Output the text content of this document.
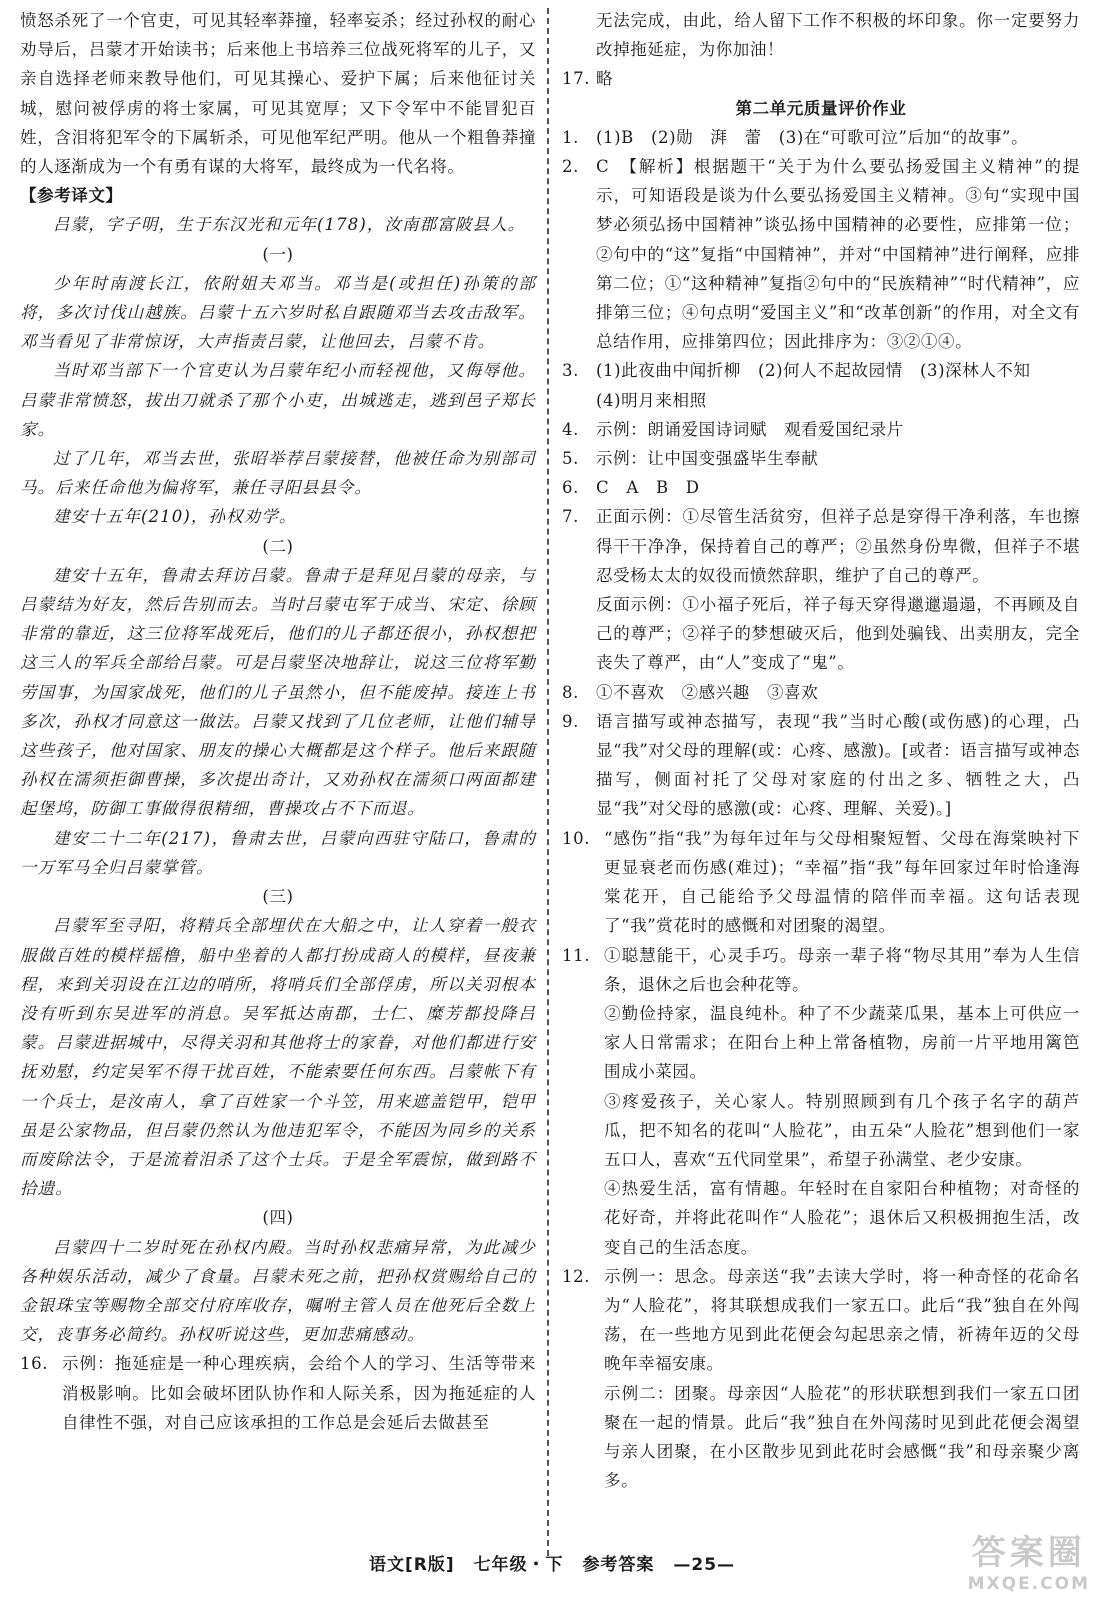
愤怒杀死了一个官吏，可见其轻率莽撞，轻率妄杀；经过孙权的耐心劝导后，吕蒙才开始读书；后来他上书培养三位战死将军的儿子，又亲自选择老师来教导他们，可见其操心、爱护下属；后来他征讨关城，慰问被俘虏的将士家属，可见其宽厚；又下令军中不能冒犯百姓，含泪将犯军令的下属斩杀，可见他军纪严明。他从一个粗鲁莽撞的人逐渐成为一个有勇有谋的大将军，最终成为一代名将。

【参考译文】

吕蒙，字子明，生于东汉光和元年(178)，汝南郡富陂县人。

(一)

少年时南渡长江，依附姐夫邓当。邓当是(或担任)孙策的部将，多次讨伐山越族。吕蒙十五六岁时私自跟随邓当去攻击敌军。邓当看见了非常惊讶，大声指责吕蒙，让他回去，吕蒙不肯。

当时邓当部下一个官吏认为吕蒙年纪小而轻视他，又侮辱他。吕蒙非常愤怒，拔出刀就杀了那个小吏，出城逃走，逃到邑子郑长家。

过了几年，邓当去世，张昭举荐吕蒙接替，他被任命为别部司马。后来任命他为偏将军，兼任寻阳县县令。

建安十五年(210)，孙权劝学。

(二)

建安十五年，鲁肃去拜访吕蒙。鲁肃于是拜见吕蒙的母亲，与吕蒙结为好友，然后告别而去。当时吕蒙屯军于成当、宋定、徐顾非常的靠近，这三位将军战死后，他们的儿子都还很小，孙权想把这三人的军兵全部给吕蒙。可是吕蒙坚决地辞让，说这三位将军勤劳国事，为国家战死，他们的儿子虽然小，但不能废掉。接连上书多次，孙权才同意这一做法。吕蒙又找到了几位老师，让他们辅导这些孩子，他对国家、朋友的操心大概都是这个样子。他后来跟随孙权在濡须拒御曹操，多次提出奇计，又劝孙权在濡须口两面都建起堡坞，防御工事做得很精细，曹操攻占不下而退。

建安二十二年(217)，鲁肃去世，吕蒙向西驻守陆口，鲁肃的一万军马全归吕蒙掌管。

(三)

吕蒙军至寻阳，将精兵全部埋伏在大船之中，让人穿着一般衣服做百姓的模样摇橹，船中坐着的人都打扮成商人的模样，昼夜兼程，来到关羽设在江边的哨所，将哨兵们全部俘虏，所以关羽根本没有听到东吴进军的消息。吴军抵达南郡，士仁、糜芳都投降吕蒙。吕蒙进据城中，尽得关羽和其他将士的家眷，对他们都进行安抚劝慰，约定吴军不得干扰百姓，不能索要任何东西。吕蒙帐下有一个兵士，是汝南人，拿了百姓家一个斗笠，用来遮盖铠甲，铠甲虽是公家物品，但吕蒙仍然认为他违犯军令，不能因为同乡的关系而废除法令，于是流着泪杀了这个士兵。于是全军震惊，做到路不拾遗。

(四)

吕蒙四十二岁时死在孙权内殿。当时孙权悲痛异常，为此减少各种娱乐活动，减少了食量。吕蒙未死之前，把孙权赏赐给自己的金银珠宝等赐物全部交付府库收存，嘱咐主管人员在他死后全数上交，丧事务必简约。孙权听说这些，更加悲痛感动。

16. 示例：拖延症是一种心理疾病，会给个人的学习、生活等带来消极影响。比如会破坏团队协作和人际关系，因为拖延症的人自律性不强，对自己应该承担的工作总是会延后去做甚至

无法完成，由此，给人留下工作不积极的坏印象。你一定要努力改掉拖延症，为你加油！

17. 略

第二单元质量评价作业

1.	(1)B　(2)勋　湃　蕾　(3)在“可歌可泣”后加“的故事”。

2.	C　【解析】根据题干“关于为什么要弘扬爱国主义精神”的提示，可知语段是谈为什么要弘扬爱国主义精神。③句“实现中国梦必须弘扬中国精神”谈弘扬中国精神的必要性，应排第一位；②句中的“这”复指“中国精神”，并对“中国精神”进行阐释，应排第二位；①“这种精神”复指②句中的“民族精神”“时代精神”，应排第三位；④句点明“爱国主义”和“改革创新”的作用，对全文有总结作用，应排第四位；因此排序为：③②①④。

3.	(1)此夜曲中闻折柳　(2)何人不起故园情　(3)深林人不知

(4)明月来相照

4.	示例：朗诵爱国诗词赋　观看爱国纪录片

5.	示例：让中国变强盛毕生奉献

6.	C　A　B　D

7.	正面示例：①尽管生活贫穷，但祥子总是穿得干净利落，车也擦得干干净净，保持着自己的尊严；②虽然身份卑微，但祥子不堪忍受杨太太的奴役而愤然辞职，维护了自己的尊严。

反面示例：①小福子死后，祥子每天穿得邋邋遢遢，不再顾及自己的尊严；②祥子的梦想破灭后，他到处骗钱、出卖朋友，完全丧失了尊严，由“人”变成了“鬼”。

8.	①不喜欢　②感兴趣　③喜欢

9.	语言描写或神态描写，表现“我”当时心酸(或伤感)的心理，凸显“我”对父母的理解(或：心疼、感激)。[或者：语言描写或神态描写，侧面衬托了父母对家庭的付出之多、牺牲之大，凸显“我”对父母的感激(或：心疼、理解、关爱)。]

10. “感伤”指“我”为每年过年与父母相聚短暂、父母在海棠映衬下更显衰老而伤感(难过)；“幸福”指“我”每年回家过年时恰逢海棠花开，自己能给予父母温情的陪伴而幸福。这句话表现了“我”赏花时的感慨和对团聚的渴望。

11. ①聪慧能干，心灵手巧。母亲一辈子将“物尽其用”奉为人生信条，退休之后也会种花等。

②勤俭持家，温良纯朴。种了不少蔬菜瓜果，基本上可供应一家人日常需求；在阳台上种上常备植物，房前一片平地用篱笆围成小菜园。

③疼爱孩子，关心家人。特别照顾到有几个孩子名字的葫芦瓜，把不知名的花叫“人脸花”，由五朵“人脸花”想到他们一家五口人，喜欢“五代同堂果”，希望子孙满堂、老少安康。

④热爱生活，富有情趣。年轻时在自家阳台种植物；对奇怪的花好奇，并将此花叫作“人脸花”；退休后又积极拥抱生活，改变自己的生活态度。

12. 示例一：思念。母亲送“我”去读大学时，将一种奇怪的花命名为“人脸花”，将其联想成我们一家五口。此后“我”独自在外闯荡，在一些地方见到此花便会勾起思亲之情，祈祷年迈的父母晚年幸福安康。

示例二：团聚。母亲因“人脸花”的形状联想到我们一家五口团聚在一起的情景。此后“我”独自在外闯荡时见到此花便会渴望与亲人团聚，在小区散步见到此花时会感慨“我”和母亲聚少离多。

语文[R版] 七年级・下 参考答案 —25—	答案圈
MXQE.COM
